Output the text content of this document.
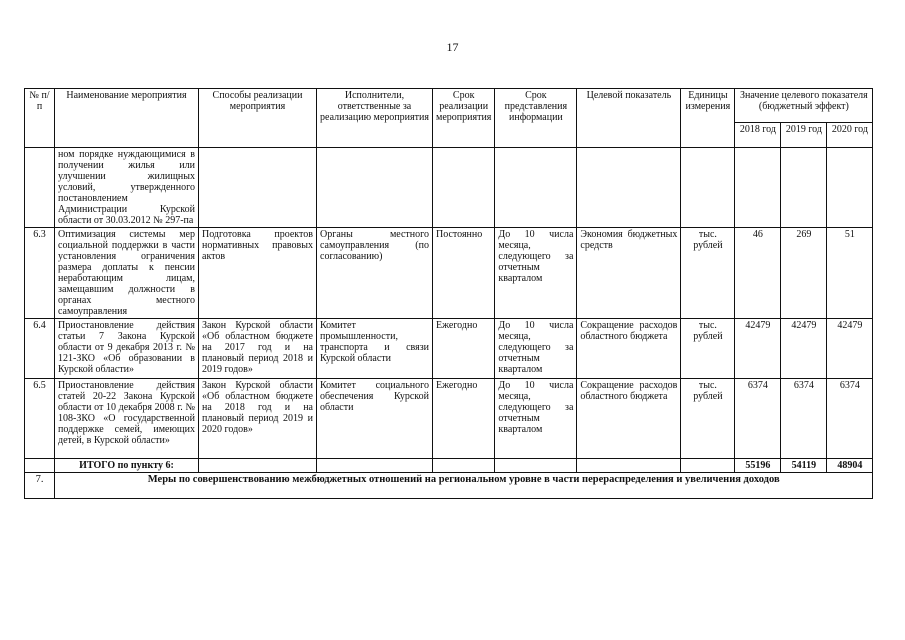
17
№ п/п	Наименование мероприятия	Способы реализации мероприятия	Исполнители, ответственные за реализацию мероприятия	Срок реализации мероприятия	Срок представления информации	Целевой показатель	Единицы измерения	Значение целевого показателя (бюджетный эффект)		
								2018 год	2019 год	2020 год
	ном порядке нуждающимися в получении жилья или улучшении жилищных условий, утвержденного постановлением Администрации Курской области от 30.03.2012 № 297-па									
6.3	Оптимизация системы мер социальной поддержки в части установления ограничения размера доплаты к пенсии неработающим лицам, замещавшим должности в органах местного самоуправления	Подготовка проектов нормативных правовых актов	Органы местного самоуправления (по согласованию)	Постоянно	До 10 числа месяца, следующего за отчетным кварталом	Экономия бюджетных средств	тыс. рублей	46	269	51
6.4	Приостановление действия статьи 7 Закона Курской области от 9 декабря 2013 г. № 121-ЗКО «Об образовании в Курской области»	Закон Курской области «Об областном бюджете на 2017 год и на плановый период 2018 и 2019 годов»	Комитет промышленности, транспорта и связи Курской области	Ежегодно	До 10 числа месяца, следующего за отчетным кварталом	Сокращение расходов областного бюджета	тыс. рублей	42479	42479	42479
6.5	Приостановление действия статей 20-22 Закона Курской области от 10 декабря 2008 г. № 108-ЗКО «О государственной поддержке семей, имеющих детей, в Курской области»	Закон Курской области «Об областном бюджете на 2018 год и на плановый период 2019 и 2020 годов»	Комитет социального обеспечения Курской области	Ежегодно	До 10 числа месяца, следующего за отчетным кварталом	Сокращение расходов областного бюджета	тыс. рублей	6374	6374	6374
	ИТОГО по пункту 6:							55196	54119	48904
7.	Меры по совершенствованию межбюджетных отношений на региональном уровне в части перераспределения и увеличения доходов									
